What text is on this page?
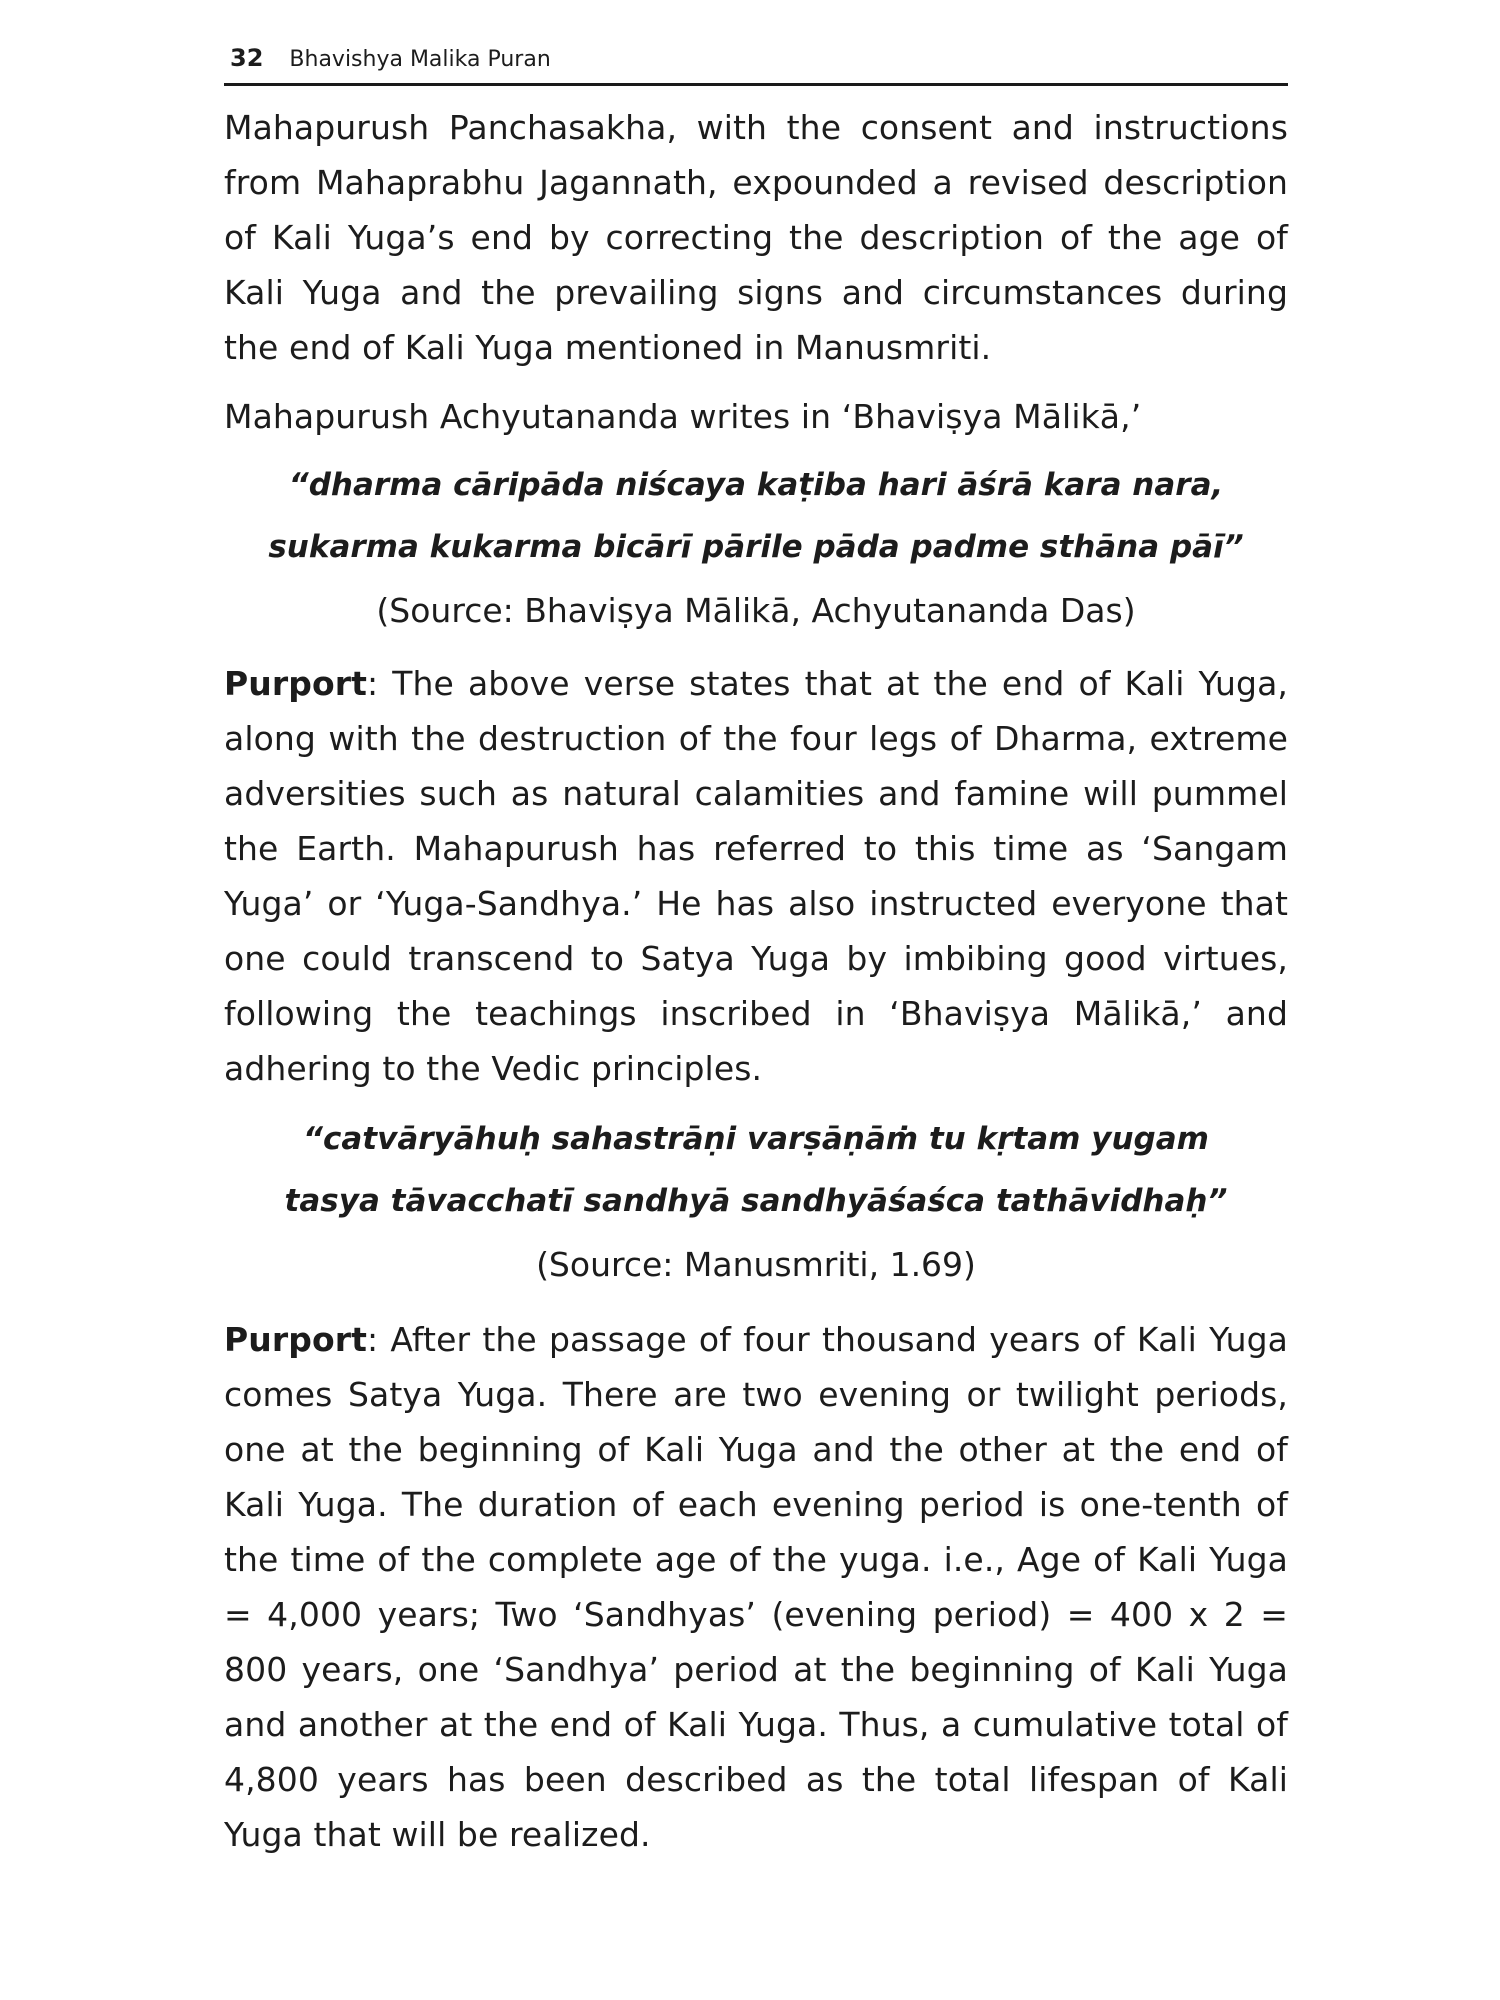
32 Bhavishya Malika Puran

Mahapurush Panchasakha, with the consent and instructions from Mahaprabhu Jagannath, expounded a revised description of Kali Yuga’s end by correcting the description of the age of Kali Yuga and the prevailing signs and circumstances during the end of Kali Yuga mentioned in Manusmriti.

Mahapurush Achyutananda writes in ‘Bhaviṣya Mālikā,’

“dharma cāripāda niścaya kaṭiba hari āśrā kara nara,
sukarma kukarma bicārī pārile pāda padme sthāna pāī”

(Source: Bhaviṣya Mālikā, Achyutananda Das)

Purport: The above verse states that at the end of Kali Yuga, along with the destruction of the four legs of Dharma, extreme adversities such as natural calamities and famine will pummel the Earth. Mahapurush has referred to this time as ‘Sangam Yuga’ or ‘Yuga-Sandhya.’ He has also instructed everyone that one could transcend to Satya Yuga by imbibing good virtues, following the teachings inscribed in ‘Bhaviṣya Mālikā,’ and adhering to the Vedic principles.

“catvāryāhuḥ sahastrāṇi varṣāṇāṁ tu kṛtam yugam
tasya tāvacchatī sandhyā sandhyāśaśca tathāvidhaḥ”

(Source: Manusmriti, 1.69)

Purport: After the passage of four thousand years of Kali Yuga comes Satya Yuga. There are two evening or twilight periods, one at the beginning of Kali Yuga and the other at the end of Kali Yuga. The duration of each evening period is one-tenth of the time of the complete age of the yuga. i.e., Age of Kali Yuga = 4,000 years; Two ‘Sandhyas’ (evening period) = 400 x 2 = 800 years, one ‘Sandhya’ period at the beginning of Kali Yuga and another at the end of Kali Yuga. Thus, a cumulative total of 4,800 years has been described as the total lifespan of Kali Yuga that will be realized.
